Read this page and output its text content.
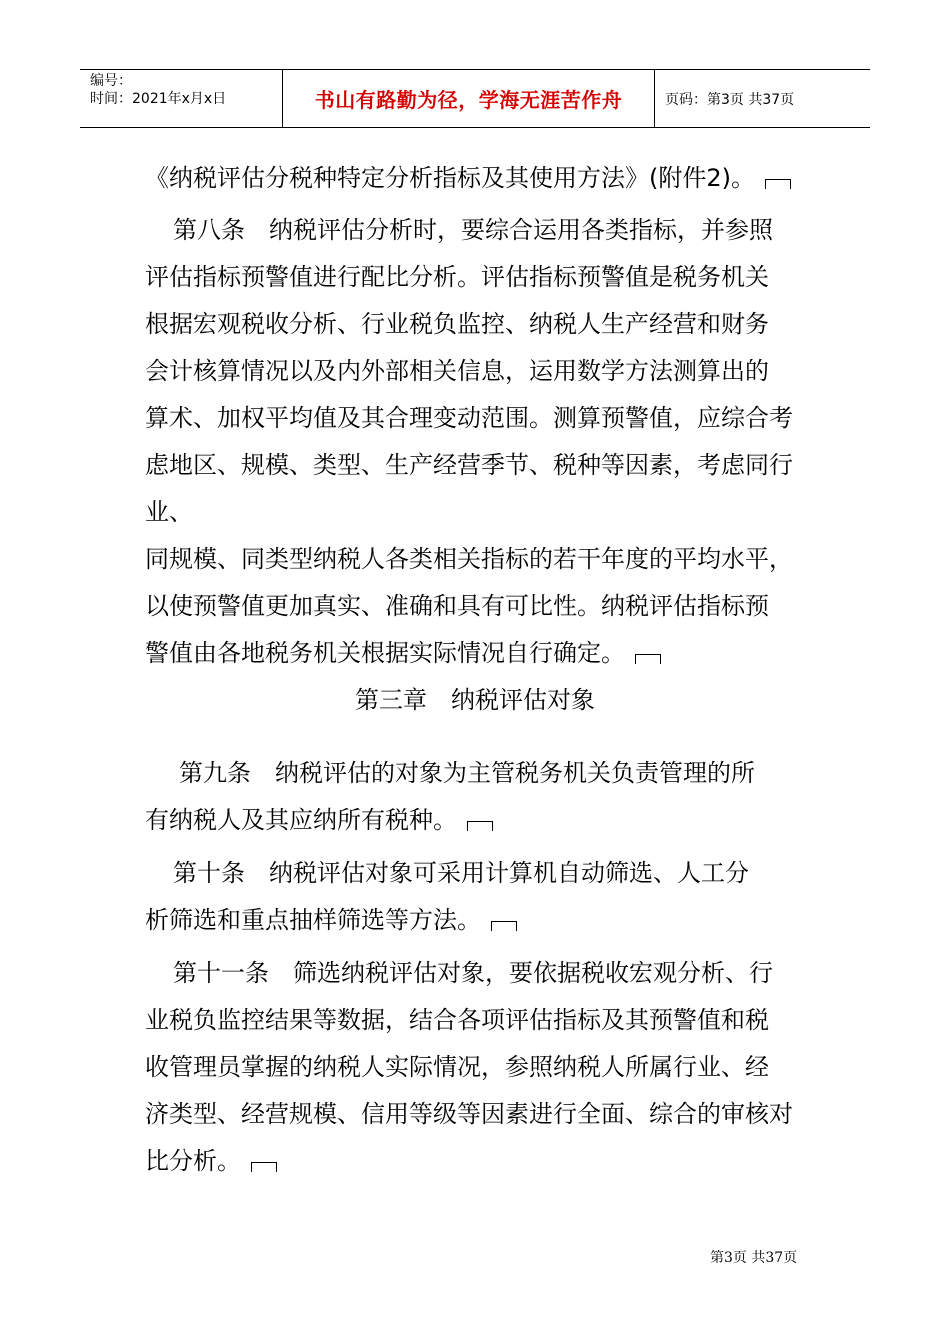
编号：
时间：2021年x月x日	书山有路勤为径，学海无涯苦作舟	页码：第3页 共37页

《纳税评估分税种特定分析指标及其使用方法》(附件2)。

第八条　纳税评估分析时，要综合运用各类指标，并参照
评估指标预警值进行配比分析。评估指标预警值是税务机关
根据宏观税收分析、行业税负监控、纳税人生产经营和财务
会计核算情况以及内外部相关信息，运用数学方法测算出的
算术、加权平均值及其合理变动范围。测算预警值，应综合考
虑地区、规模、类型、生产经营季节、税种等因素，考虑同行业、
同规模、同类型纳税人各类相关指标的若干年度的平均水平，
以使预警值更加真实、准确和具有可比性。纳税评估指标预
警值由各地税务机关根据实际情况自行确定。

第三章　纳税评估对象

第九条　纳税评估的对象为主管税务机关负责管理的所
有纳税人及其应纳所有税种。
第十条　纳税评估对象可采用计算机自动筛选、人工分
析筛选和重点抽样筛选等方法。
第十一条　筛选纳税评估对象，要依据税收宏观分析、行
业税负监控结果等数据，结合各项评估指标及其预警值和税
收管理员掌握的纳税人实际情况，参照纳税人所属行业、经
济类型、经营规模、信用等级等因素进行全面、综合的审核对
比分析。
第3页 共37页
